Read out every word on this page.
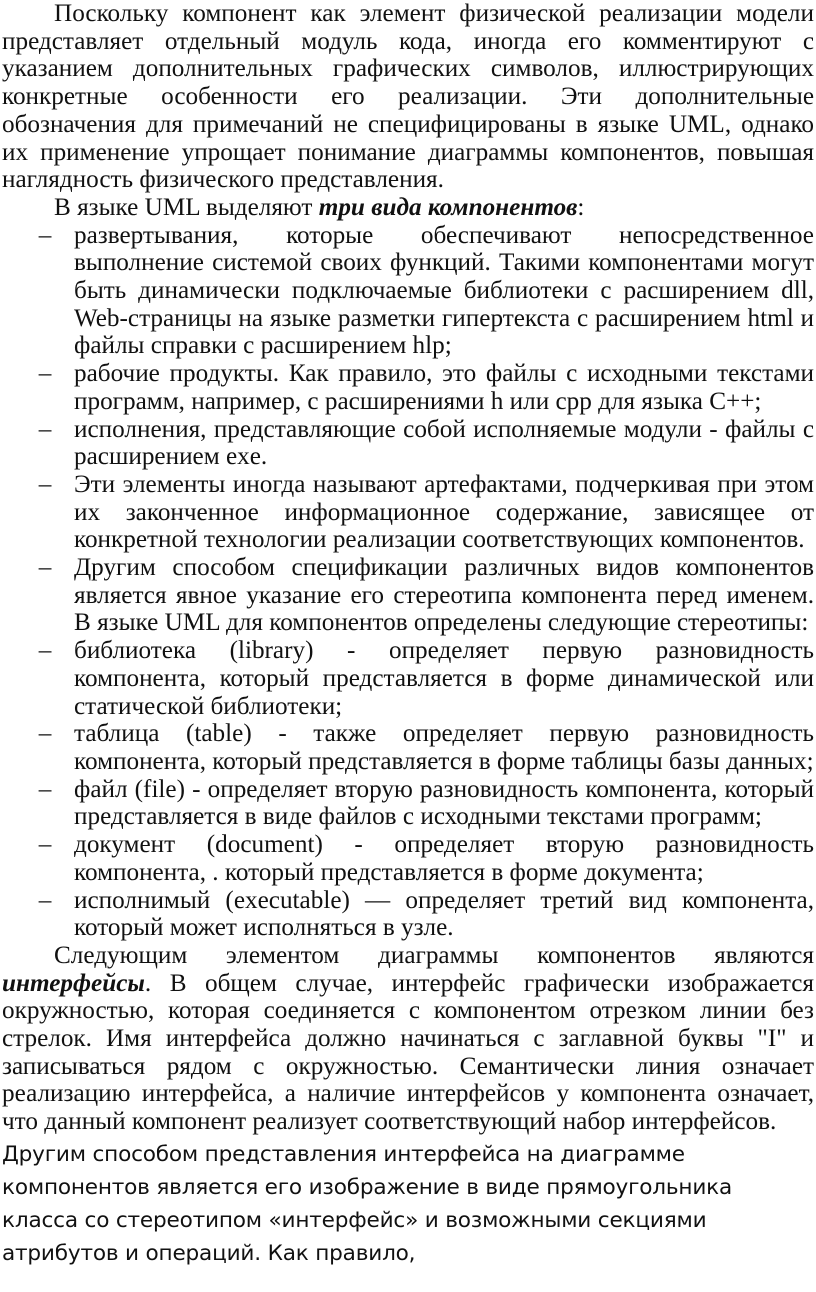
Поскольку компонент как элемент физической реализации модели представляет отдельный модуль кода, иногда его комментируют с указанием дополнительных графических символов, иллюстрирующих конкретные особенности его реализации. Эти дополнительные обозначения для примечаний не специфицированы в языке UML, однако их применение упрощает понимание диаграммы компонентов, повышая наглядность физического представления.

В языке UML выделяют три вида компонентов:

– развертывания, которые обеспечивают непосредственное выполнение системой своих функций. Такими компонентами могут быть динамически подключаемые библиотеки с расширением dll, Web-страницы на языке разметки гипертекста с расширением html и файлы справки с расширением hlp;
– рабочие продукты. Как правило, это файлы с исходными текстами программ, например, с расширениями h или cpp для языка C++;
– исполнения, представляющие собой исполняемые модули - файлы с расширением exe.
– Эти элементы иногда называют артефактами, подчеркивая при этом их законченное информационное содержание, зависящее от конкретной технологии реализации соответствующих компонентов.
– Другим способом спецификации различных видов компонентов является явное указание его стереотипа компонента перед именем. В языке UML для компонентов определены следующие стереотипы:
– библиотека (library) - определяет первую разновидность компонента, который представляется в форме динамической или статической библиотеки;
– таблица (table) - также определяет первую разновидность компонента, который представляется в форме таблицы базы данных;
– файл (file) - определяет вторую разновидность компонента, который представляется в виде файлов с исходными текстами программ;
– документ (document) - определяет вторую разновидность компонента, . который представляется в форме документа;
– исполнимый (executable) — определяет третий вид компонента, который может исполняться в узле.

Следующим элементом диаграммы компонентов являются интерфейсы. В общем случае, интерфейс графически изображается окружностью, которая соединяется с компонентом отрезком линии без стрелок. Имя интерфейса должно начинаться с заглавной буквы "I" и записываться рядом с окружностью. Семантически линия означает реализацию интерфейса, а наличие интерфейсов у компонента означает, что данный компонент реализует соответствующий набор интерфейсов.

Другим способом представления интерфейса на диаграмме компонентов является его изображение в виде прямоугольника класса со стереотипом «интерфейс» и возможными секциями атрибутов и операций. Как правило,
